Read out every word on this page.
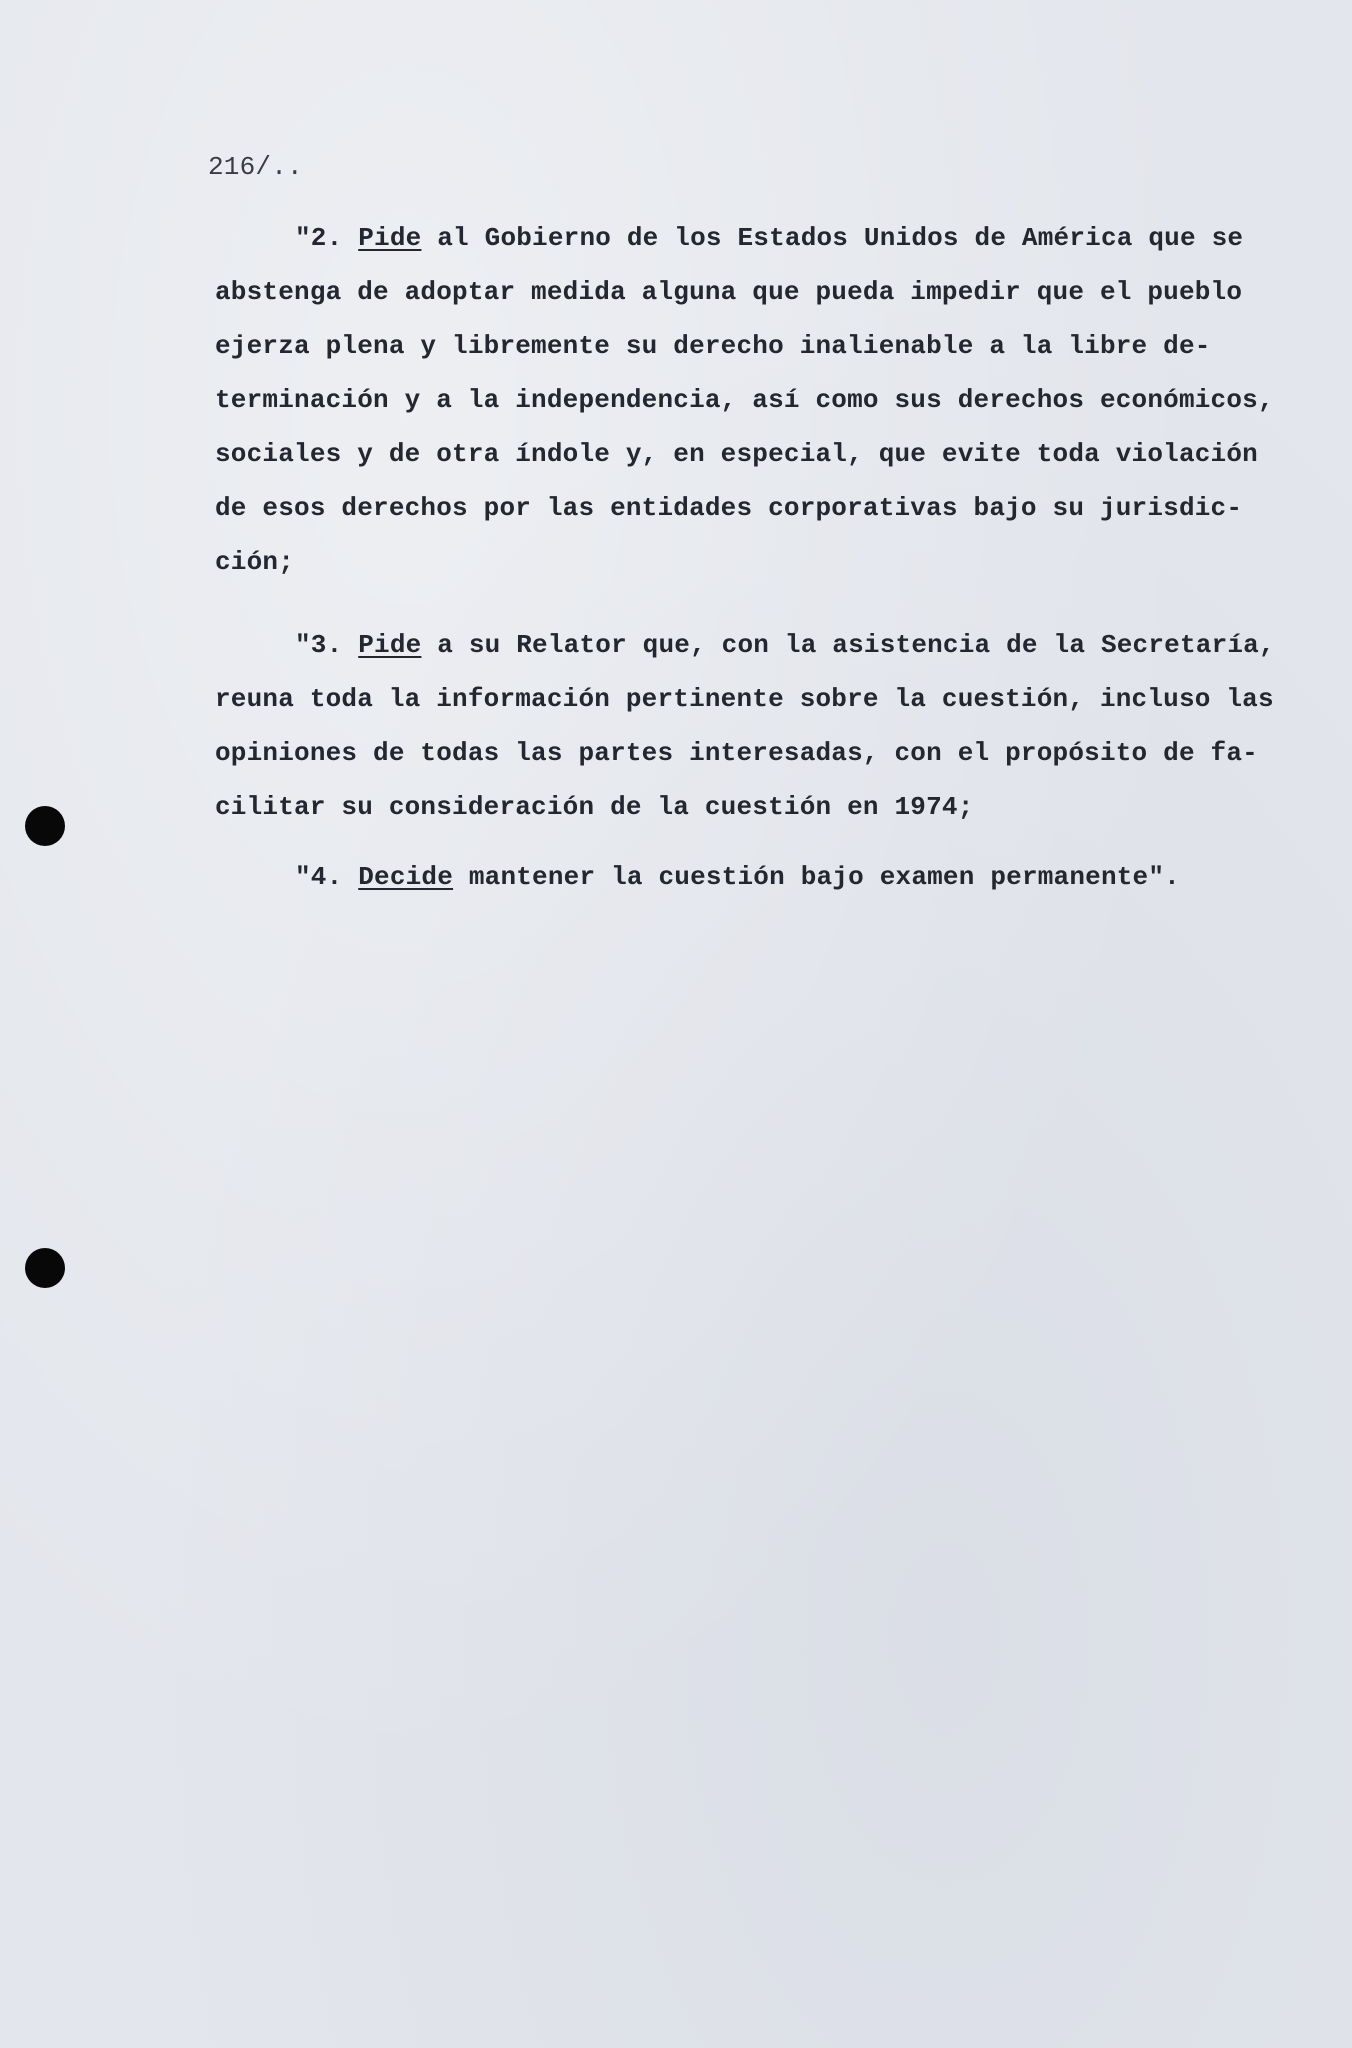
216/..
"2. Pide al Gobierno de los Estados Unidos de América que se
abstenga de adoptar medida alguna que pueda impedir que el pueblo
ejerza plena y libremente su derecho inalienable a la libre de-
terminación y a la independencia, así como sus derechos económicos,
sociales y de otra índole y, en especial, que evite toda violación
de esos derechos por las entidades corporativas bajo su jurisdic-
ción;
"3. Pide a su Relator que, con la asistencia de la Secretaría,
reuna toda la información pertinente sobre la cuestión, incluso las
opiniones de todas las partes interesadas, con el propósito de fa-
cilitar su consideración de la cuestión en 1974;
"4. Decide mantener la cuestión bajo examen permanente".
